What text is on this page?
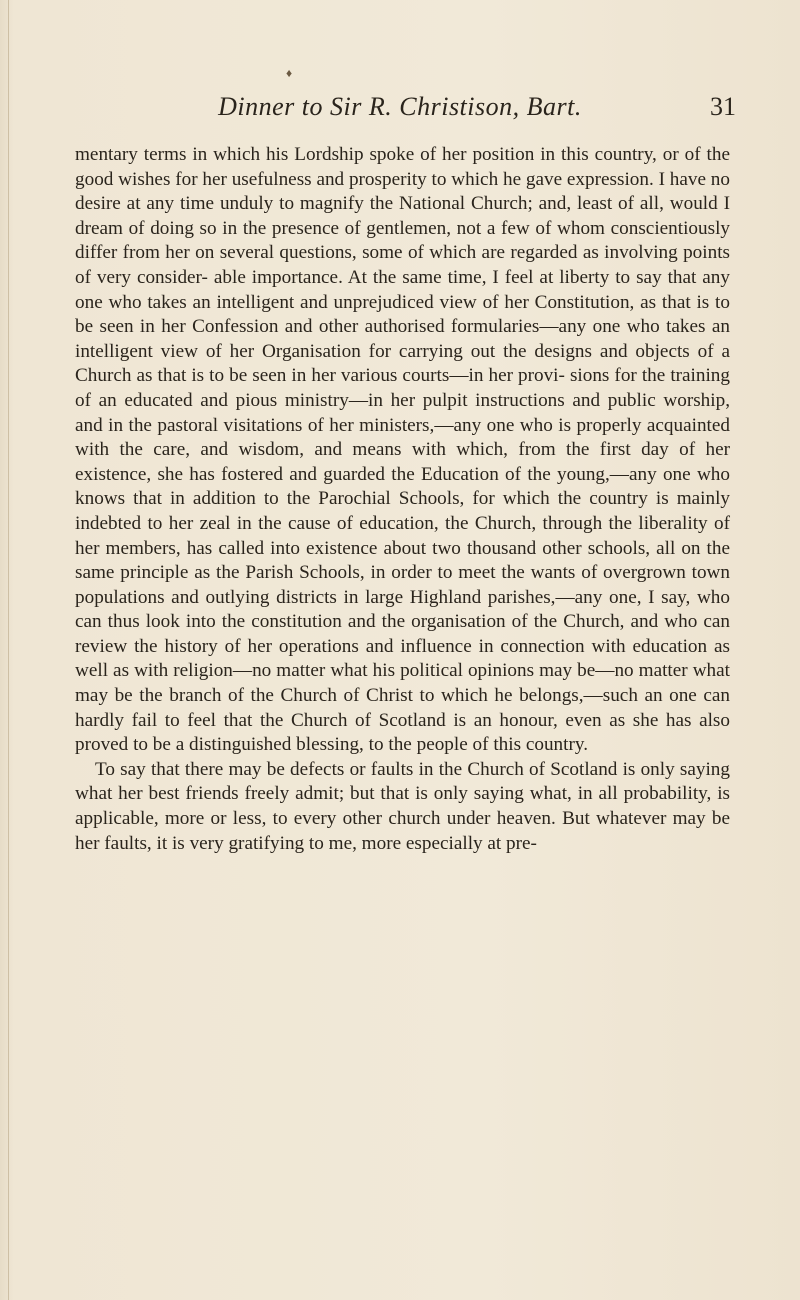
♦
Dinner to Sir R. Christison, Bart.	31

mentary terms in which his Lordship spoke of her position in this country, or of the good wishes for her usefulness and prosperity to which he gave expression. I have no desire at any time unduly to magnify the National Church; and, least of all, would I dream of doing so in the presence of gentlemen, not a few of whom conscientiously differ from her on several questions, some of which are regarded as involving points of very consider- able importance. At the same time, I feel at liberty to say that any one who takes an intelligent and unprejudiced view of her Constitution, as that is to be seen in her Confession and other authorised formularies—any one who takes an intelligent view of her Organisation for carrying out the designs and objects of a Church as that is to be seen in her various courts—in her provi- sions for the training of an educated and pious ministry—in her pulpit instructions and public worship, and in the pastoral visitations of her ministers,—any one who is properly acquainted with the care, and wisdom, and means with which, from the first day of her existence, she has fostered and guarded the Education of the young,—any one who knows that in addition to the Parochial Schools, for which the country is mainly indebted to her zeal in the cause of education, the Church, through the liberality of her members, has called into existence about two thousand other schools, all on the same principle as the Parish Schools, in order to meet the wants of overgrown town populations and outlying districts in large Highland parishes,—any one, I say, who can thus look into the constitution and the organisation of the Church, and who can review the history of her operations and influence in connection with education as well as with religion—no matter what his political opinions may be—no matter what may be the branch of the Church of Christ to which he belongs,—such an one can hardly fail to feel that the Church of Scotland is an honour, even as she has also proved to be a distinguished blessing, to the people of this country.

To say that there may be defects or faults in the Church of Scotland is only saying what her best friends freely admit; but that is only saying what, in all probability, is applicable, more or less, to every other church under heaven. But whatever may be her faults, it is very gratifying to me, more especially at pre-
